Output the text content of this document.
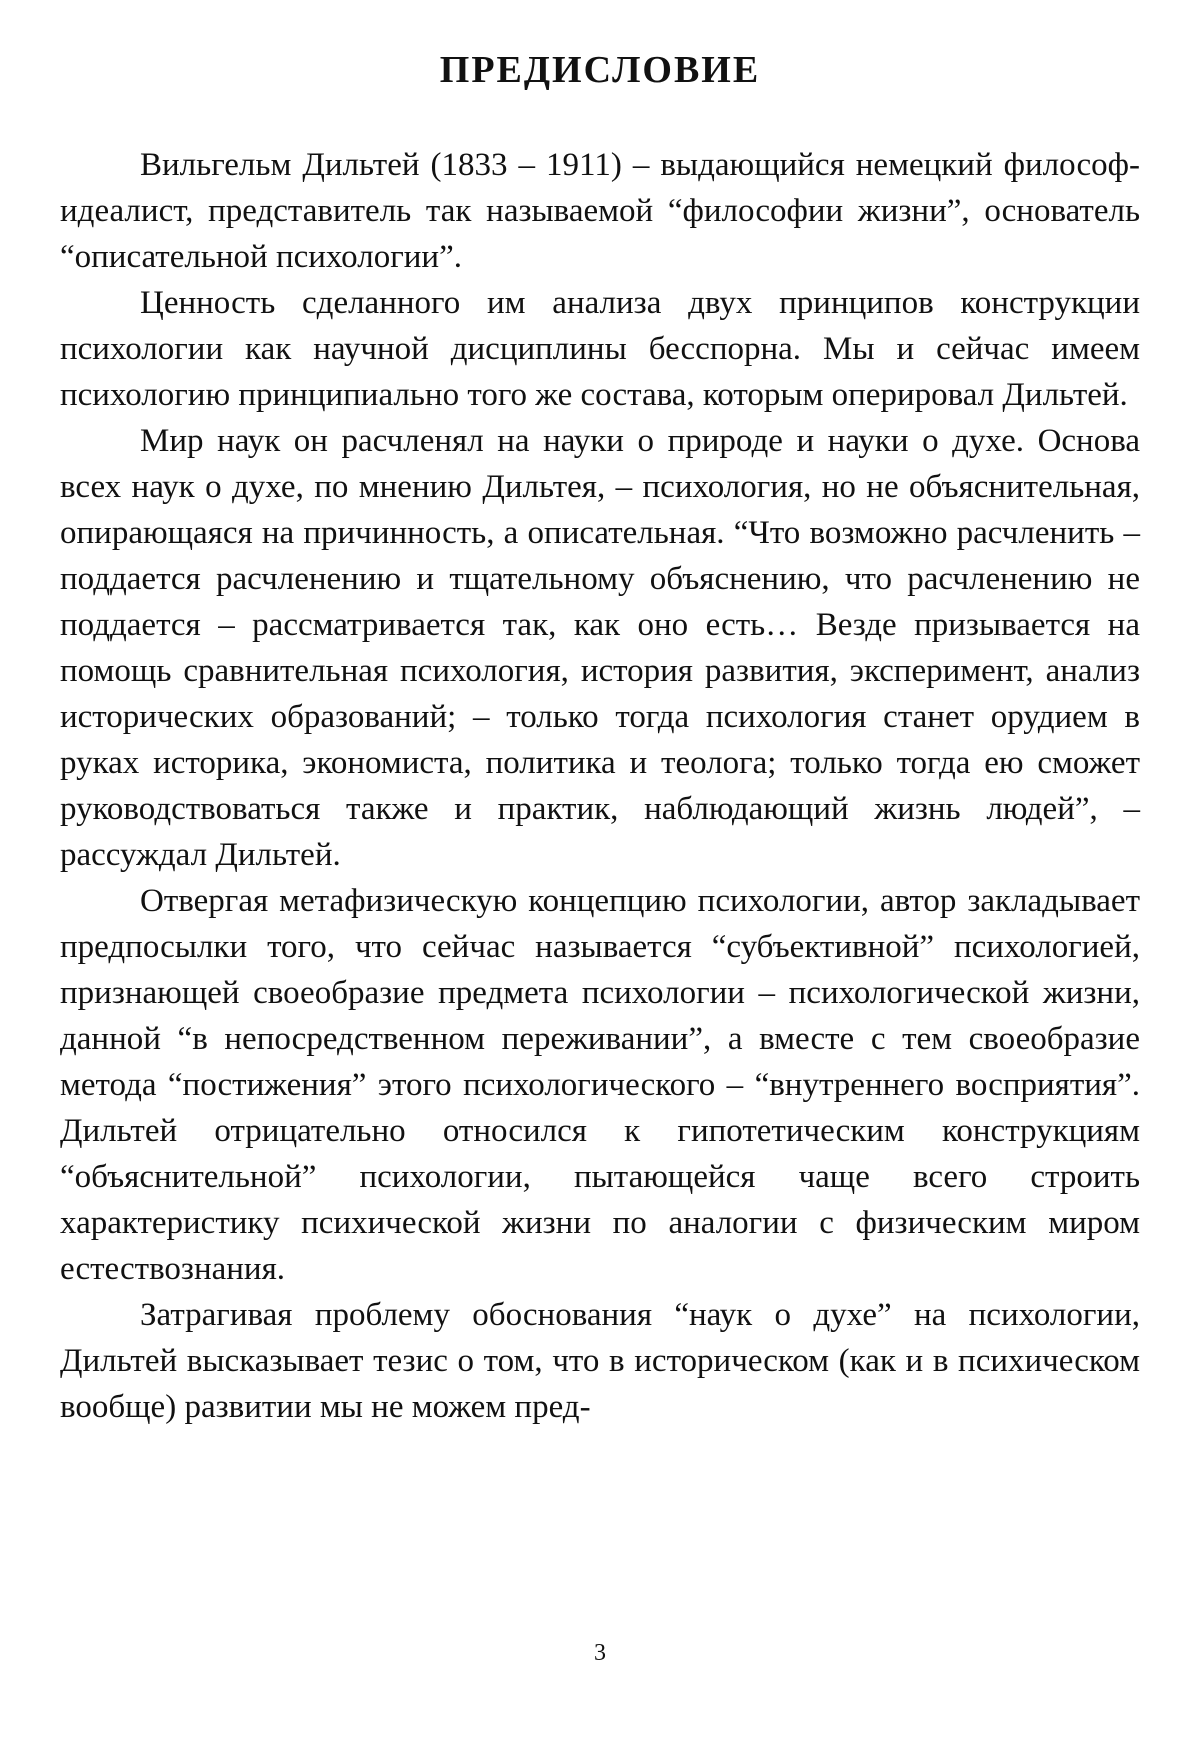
ПРЕДИСЛОВИЕ

Вильгельм Дильтей (1833 – 1911) – выдающийся немецкий философ-идеалист, представитель так называемой “философии жизни”, основатель “описательной психологии”.

Ценность сделанного им анализа двух принципов конструкции психологии как научной дисциплины бесспорна. Мы и сейчас имеем психологию принципиально того же состава, которым оперировал Дильтей.

Мир наук он расчленял на науки о природе и науки о духе. Основа всех наук о духе, по мнению Дильтея, – психология, но не объяснительная, опирающаяся на причинность, а описательная. “Что возможно расчленить – поддается расчленению и тщательному объяснению, что расчленению не поддается – рассматривается так, как оно есть… Везде призывается на помощь сравнительная психология, история развития, эксперимент, анализ исторических образований; – только тогда психология станет орудием в руках историка, экономиста, политика и теолога; только тогда ею сможет руководствоваться также и практик, наблюдающий жизнь людей”, – рассуждал Дильтей.

Отвергая метафизическую концепцию психологии, автор закладывает предпосылки того, что сейчас называется “субъективной” психологией, признающей своеобразие предмета психологии – психологической жизни, данной “в непосредственном переживании”, а вместе с тем своеобразие метода “постижения” этого психологического – “внутреннего восприятия”. Дильтей отрицательно относился к гипотетическим конструкциям “объяснительной” психологии, пытающейся чаще всего строить характеристику психической жизни по аналогии с физическим миром естествознания.

Затрагивая проблему обоснования “наук о духе” на психологии, Дильтей высказывает тезис о том, что в историческом (как и в психическом вообще) развитии мы не можем пред-

3
